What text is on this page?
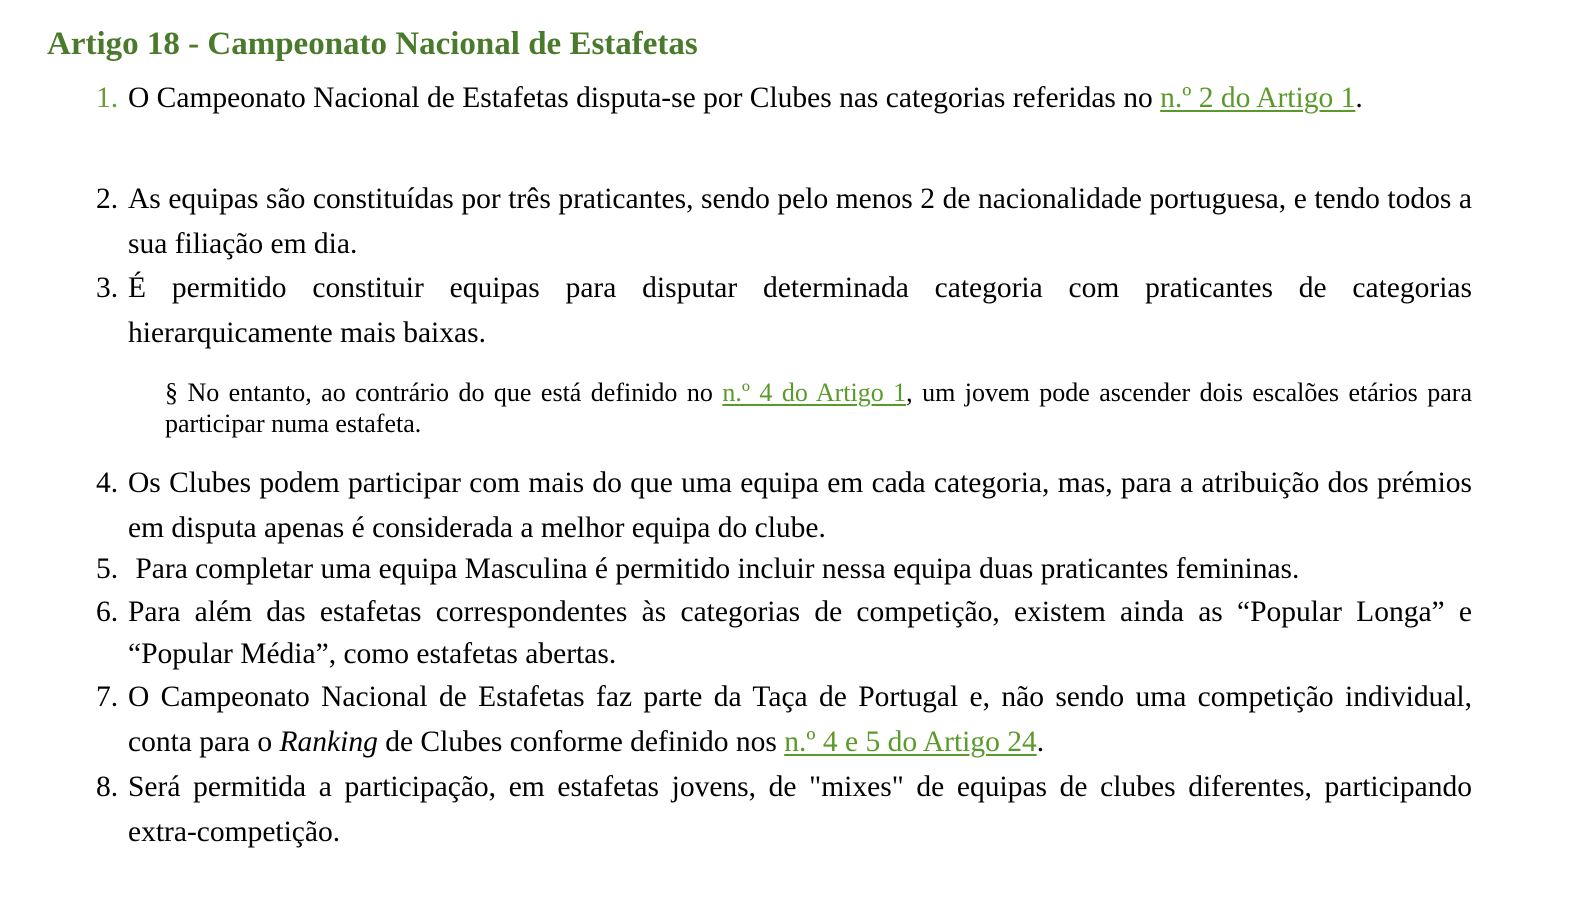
Artigo 18 - Campeonato Nacional de Estafetas
1. O Campeonato Nacional de Estafetas disputa-se por Clubes nas categorias referidas no n.º 2 do Artigo 1.
2. As equipas são constituídas por três praticantes, sendo pelo menos 2 de nacionalidade portuguesa, e tendo todos a sua filiação em dia.
3. É permitido constituir equipas para disputar determinada categoria com praticantes de categorias hierarquicamente mais baixas.
§ No entanto, ao contrário do que está definido no n.º 4 do Artigo 1, um jovem pode ascender dois escalões etários para participar numa estafeta.
4. Os Clubes podem participar com mais do que uma equipa em cada categoria, mas, para a atribuição dos prémios em disputa apenas é considerada a melhor equipa do clube.
5. Para completar uma equipa Masculina é permitido incluir nessa equipa duas praticantes femininas.
6. Para além das estafetas correspondentes às categorias de competição, existem ainda as “Popular Longa” e “Popular Média”, como estafetas abertas.
7. O Campeonato Nacional de Estafetas faz parte da Taça de Portugal e, não sendo uma competição individual, conta para o Ranking de Clubes conforme definido nos n.º 4 e 5 do Artigo 24.
8. Será permitida a participação, em estafetas jovens, de "mixes" de equipas de clubes diferentes, participando extra-competição.
